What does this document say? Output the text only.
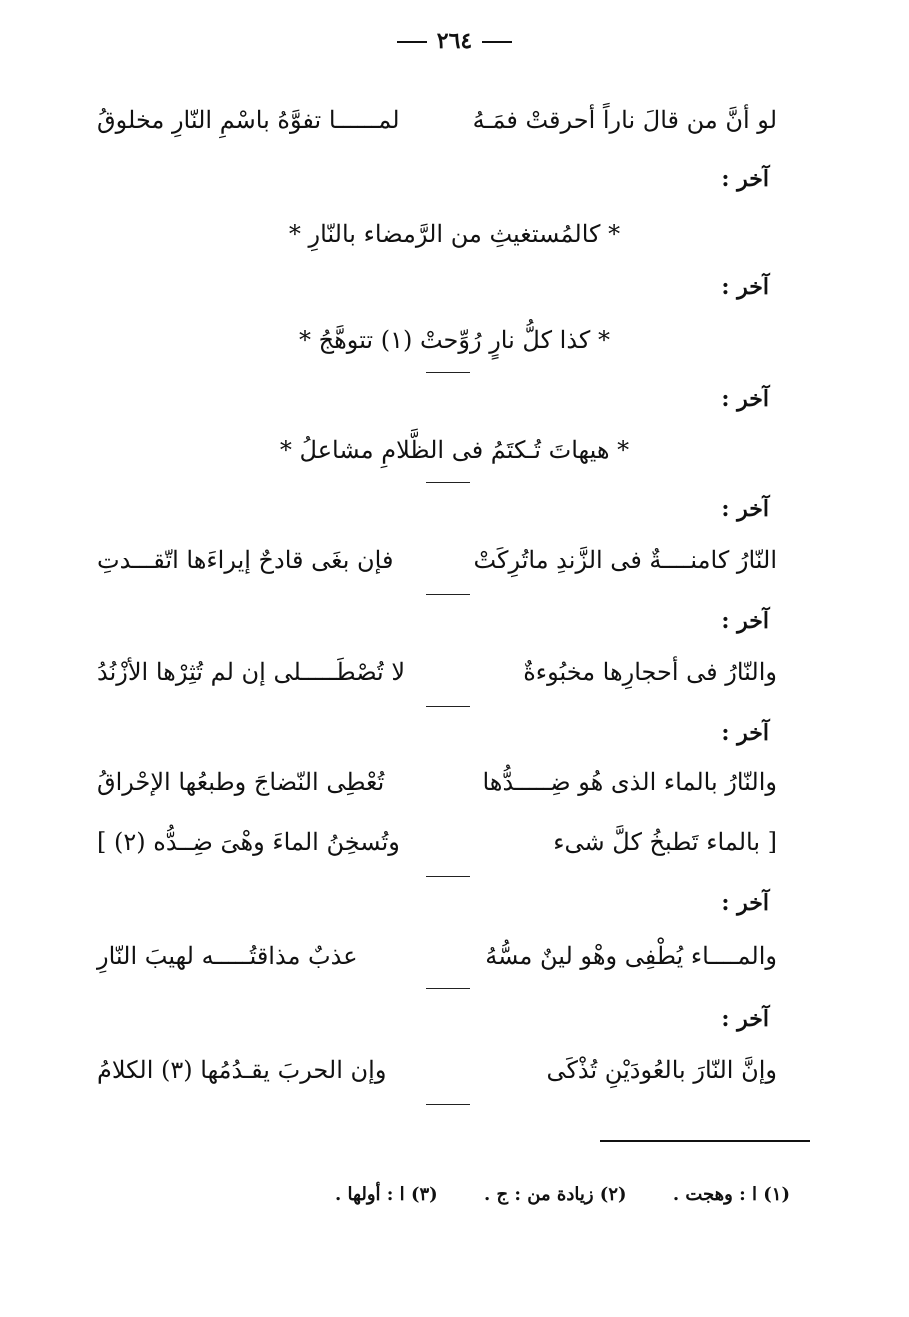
٢٦٤
لو أنَّ من قالَ ناراً أحرقتْ فمَـهُ
لمــــــا تفوَّهُ باسْمِ النّارِ مخلوقُ
آخر :
* كالمُستغيثِ من الرَّمضاء بالنّارِ *
آخر :
* كذا كلُّ نارٍ رُوِّحتْ (١) تتوهَّجُ *
آخر :
* هيهاتَ تُـكتَمُ فى الظَّلامِ مشاعلُ *
آخر :
النّارُ كامنــــةٌ فى الزَّندِ ماتُرِكَتْ
فإن بغَى قادحٌ إيراءَها اتّقـــدتِ
آخر :
والنّارُ فى أحجارِها مخبُوءةٌ
لا تُصْطَـــــلى إن لم تُثِرْها الأزْنُدُ
آخر :
والنّارُ بالماء الذى هُو ضِـــــدُّها
تُعْطِى النّضاجَ وطبعُها الإحْراقُ
[ بالماء تَطبخُ كلَّ شىء
وتُسخِنُ الماءَ وهْىَ ضِــدُّه (٢) ]
آخر :
والمــــاء يُطْفِى وهْو لينٌ مسُّهُ
عذبٌ مذاقتُـــــه لهيبَ النّارِ
آخر :
وإنَّ النّارَ بالعُودَيْنِ تُذْكَى
وإن الحربَ يقـدُمُها (٣) الكلامُ
(١) ا : وهجت . (٢) زيادة من : ج . (٣) ا : أولها .
